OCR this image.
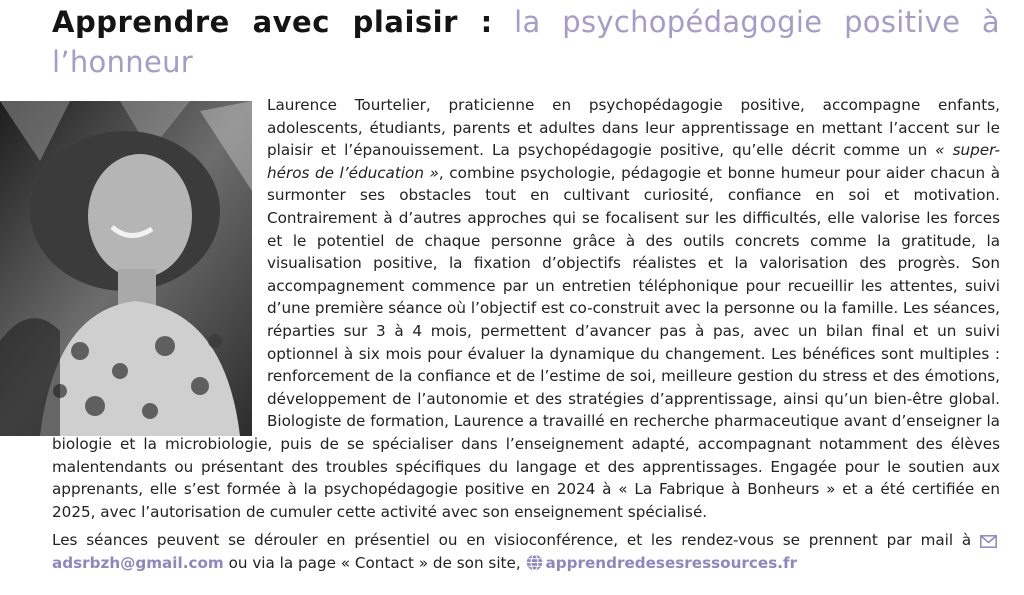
Apprendre avec plaisir : la psychopédagogie positive à l’honneur

Laurence Tourtelier, praticienne en psychopédagogie positive, accompagne enfants, adolescents, étudiants, parents et adultes dans leur apprentissage en mettant l’accent sur le plaisir et l’épanouissement. La psychopédagogie positive, qu’elle décrit comme un « super-héros de l’éducation », combine psychologie, pédagogie et bonne humeur pour aider chacun à surmonter ses obstacles tout en cultivant curiosité, confiance en soi et motivation. Contrairement à d’autres approches qui se focalisent sur les difficultés, elle valorise les forces et le potentiel de chaque personne grâce à des outils concrets comme la gratitude, la visualisation positive, la fixation d’objectifs réalistes et la valorisation des progrès. Son accompagnement commence par un entretien téléphonique pour recueillir les attentes, suivi d’une première séance où l’objectif est co-construit avec la personne ou la famille. Les séances, réparties sur 3 à 4 mois, permettent d’avancer pas à pas, avec un bilan final et un suivi optionnel à six mois pour évaluer la dynamique du changement. Les bénéfices sont multiples : renforcement de la confiance et de l’estime de soi, meilleure gestion du stress et des émotions, développement de l’autonomie et des stratégies d’apprentissage, ainsi qu’un bien-être global. Biologiste de formation, Laurence a travaillé en recherche pharmaceutique avant d’enseigner la biologie et la microbiologie, puis de se spécialiser dans l’enseignement adapté, accompagnant notamment des élèves malentendants ou présentant des troubles spécifiques du langage et des apprentissages. Engagée pour le soutien aux apprenants, elle s’est formée à la psychopédagogie positive en 2024 à « La Fabrique à Bonheurs » et a été certifiée en 2025, avec l’autorisation de cumuler cette activité avec son enseignement spécialisé.

Les séances peuvent se dérouler en présentiel ou en visioconférence, et les rendez-vous se prennent par mail à adsrbzh@gmail.com ou via la page « Contact » de son site, apprendredesesressources.fr
